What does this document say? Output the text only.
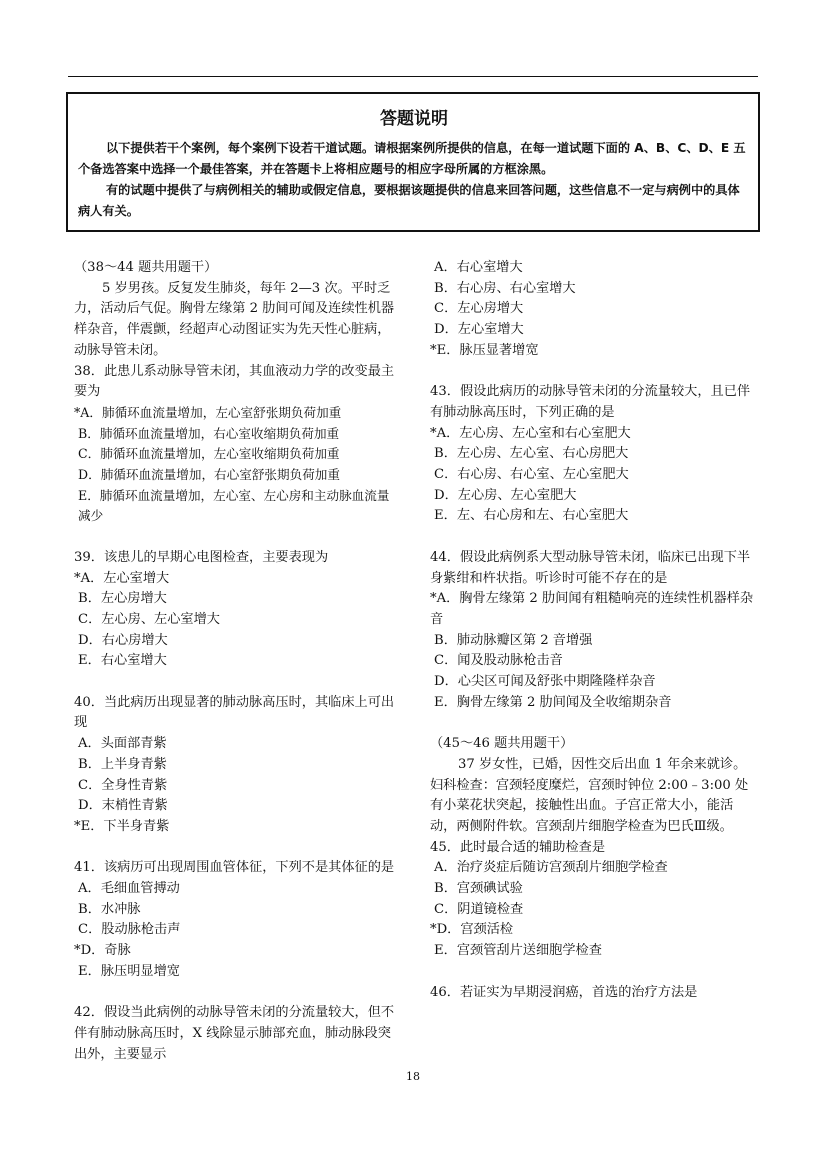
答题说明

以下提供若干个案例，每个案例下设若干道试题。请根据案例所提供的信息，在每一道试题下面的 A、B、C、D、E 五个备选答案中选择一个最佳答案，并在答题卡上将相应题号的相应字母所属的方框涂黑。

有的试题中提供了与病例相关的辅助或假定信息，要根据该题提供的信息来回答问题，这些信息不一定与病例中的具体病人有关。

（38～44 题共用题干）
5 岁男孩。反复发生肺炎，每年 2—3 次。平时乏力，活动后气促。胸骨左缘第 2 肋间可闻及连续性机器样杂音，伴震颤，经超声心动图证实为先天性心脏病，动脉导管未闭。
38．此患儿系动脉导管未闭，其血液动力学的改变最主要为
*A．肺循环血流量增加，左心室舒张期负荷加重
B．肺循环血流量增加，右心室收缩期负荷加重
C．肺循环血流量增加，左心室收缩期负荷加重
D．肺循环血流量增加，右心室舒张期负荷加重
E．肺循环血流量增加，左心室、左心房和主动脉血流量减少
39．该患儿的早期心电图检查，主要表现为
*A．左心室增大
B．左心房增大
C．左心房、左心室增大
D．右心房增大
E．右心室增大
40．当此病历出现显著的肺动脉高压时，其临床上可出现
A．头面部青紫
B．上半身青紫
C．全身性青紫
D．末梢性青紫
*E．下半身青紫
41．该病历可出现周围血管体征，下列不是其体征的是
A．毛细血管搏动
B．水冲脉
C．股动脉枪击声
*D．奇脉
E．脉压明显增宽
42．假设当此病例的动脉导管未闭的分流量较大，但不伴有肺动脉高压时，X 线除显示肺部充血，肺动脉段突出外，主要显示
A．右心室增大
B．右心房、右心室增大
C．左心房增大
D．左心室增大
*E．脉压显著增宽
43．假设此病历的动脉导管未闭的分流量较大，且已伴有肺动脉高压时，下列正确的是
*A．左心房、左心室和右心室肥大
B．左心房、左心室、右心房肥大
C．右心房、右心室、左心室肥大
D．左心房、左心室肥大
E．左、右心房和左、右心室肥大
44．假设此病例系大型动脉导管未闭，临床已出现下半身紫绀和杵状指。听诊时可能不存在的是
*A．胸骨左缘第 2 肋间闻有粗糙响亮的连续性机器样杂音
B．肺动脉瓣区第 2 音增强
C．闻及股动脉枪击音
D．心尖区可闻及舒张中期隆隆样杂音
E．胸骨左缘第 2 肋间闻及全收缩期杂音
（45～46 题共用题干）
37 岁女性，已婚，因性交后出血 1 年余来就诊。妇科检查：宫颈轻度糜烂，宫颈时钟位 2:00﹣3:00 处有小菜花状突起，接触性出血。子宫正常大小，能活动，两侧附件软。宫颈刮片细胞学检查为巴氏Ⅲ级。
45．此时最合适的辅助检查是
A．治疗炎症后随访宫颈刮片细胞学检查
B．宫颈碘试验
C．阴道镜检查
*D．宫颈活检
E．宫颈管刮片送细胞学检查
46．若证实为早期浸润癌，首选的治疗方法是
18
